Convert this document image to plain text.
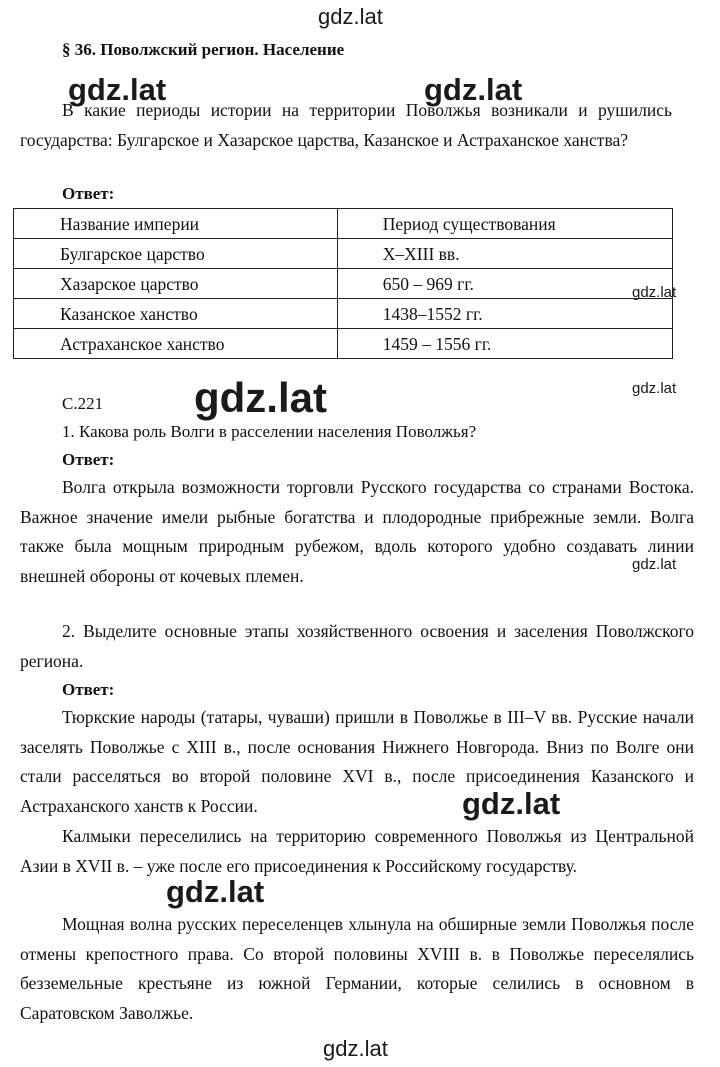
gdz.lat
§ 36. Поволжский регион. Население

В какие периоды истории на территории Поволжья возникали и рушились государства: Булгарское и Хазарское царства, Казанское и Астраханское ханства?

gdz.lat	gdz.lat
Ответ:
Название империи	Период существования
Булгарское царство	X–XIII вв.
Хазарское царство	650 – 969 гг.
Казанское ханство	1438–1552 гг.
Астраханское ханство	1459 – 1556 гг.
gdz.lat
С.221 gdz.lat	gdz.lat
1. Какова роль Волги в расселении населения Поволжья?
Ответ:

Волга открыла возможности торговли Русского государства со странами Востока. Важное значение имели рыбные богатства и плодородные прибрежные земли. Волга также была мощным природным рубежом, вдоль которого удобно создавать линии внешней обороны от кочевых племен.

gdz.lat

2. Выделите основные этапы хозяйственного освоения и заселения Поволжского региона.

Ответ:

Тюркские народы (татары, чуваши) пришли в Поволжье в III–V вв. Русские начали заселять Поволжье с XIII в., после основания Нижнего Новгорода. Вниз по Волге они стали расселяться во второй половине XVI в., после присоединения Казанского и Астраханского ханств к России.	gdz.lat

Калмыки переселились на территорию современного Поволжья из Центральной Азии в XVII в. – уже после его присоединения к Российскому государству.

gdz.lat

Мощная волна русских переселенцев хлынула на обширные земли Поволжья после отмены крепостного права. Со второй половины XVIII в. в Поволжье переселялись безземельные крестьяне из южной Германии, которые селились в основном в Саратовском Заволжье.

gdz.lat
